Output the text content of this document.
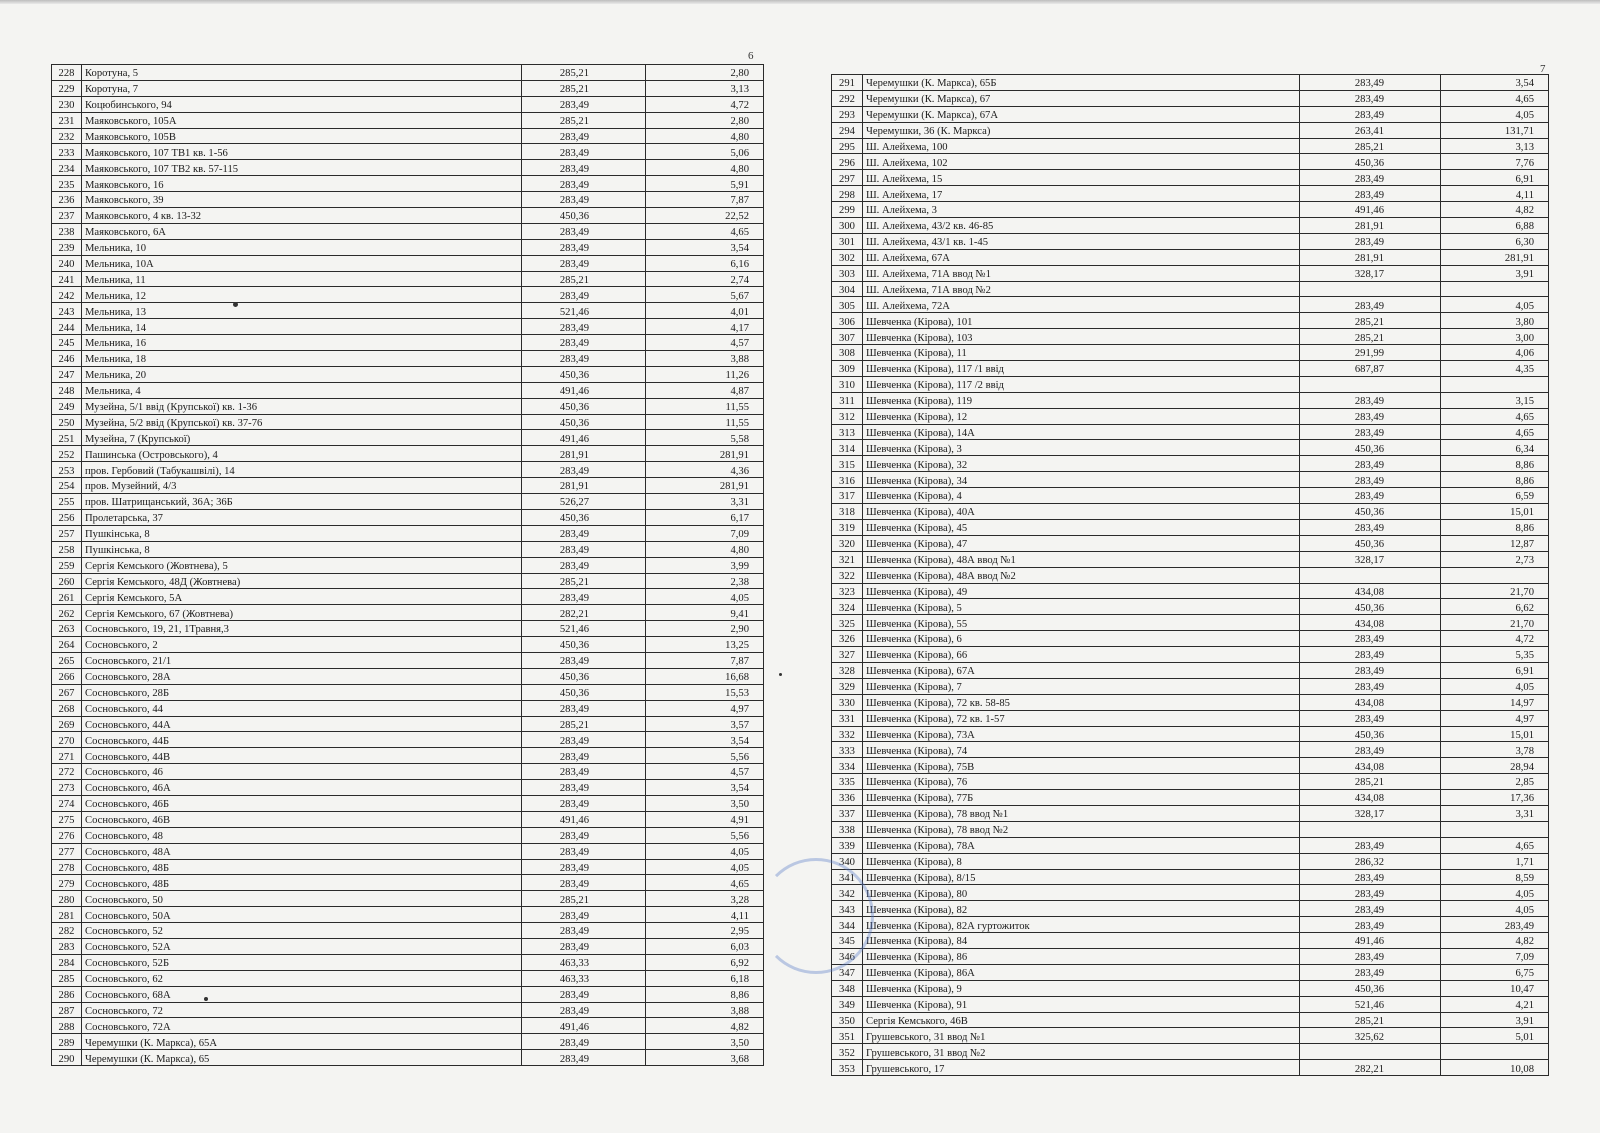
6
7
228	Коротуна, 5	285,21	2,80
229	Коротуна, 7	285,21	3,13
230	Коцюбинського, 94	283,49	4,72
231	Маяковського, 105А	285,21	2,80
232	Маяковського, 105В	283,49	4,80
233	Маяковського, 107 ТВ1 кв. 1-56	283,49	5,06
234	Маяковського, 107 ТВ2 кв. 57-115	283,49	4,80
235	Маяковського, 16	283,49	5,91
236	Маяковського, 39	283,49	7,87
237	Маяковського, 4 кв. 13-32	450,36	22,52
238	Маяковського, 6А	283,49	4,65
239	Мельника, 10	283,49	3,54
240	Мельника, 10А	283,49	6,16
241	Мельника, 11	285,21	2,74
242	Мельника, 12	283,49	5,67
243	Мельника, 13	521,46	4,01
244	Мельника, 14	283,49	4,17
245	Мельника, 16	283,49	4,57
246	Мельника, 18	283,49	3,88
247	Мельника, 20	450,36	11,26
248	Мельника, 4	491,46	4,87
249	Музейна, 5/1 ввід (Крупської) кв. 1-36	450,36	11,55
250	Музейна, 5/2 ввід (Крупської) кв. 37-76	450,36	11,55
251	Музейна, 7 (Крупської)	491,46	5,58
252	Пашинська (Островського), 4	281,91	281,91
253	пров. Гербовий (Табукашвілі), 14	283,49	4,36
254	пров. Музейний, 4/3	281,91	281,91
255	пров. Шатрищанський, 36А; 36Б	526,27	3,31
256	Пролетарська, 37	450,36	6,17
257	Пушкінська, 8	283,49	7,09
258	Пушкінська, 8	283,49	4,80
259	Сергія Кемського (Жовтнева), 5	283,49	3,99
260	Сергія Кемського, 48Д (Жовтнева)	285,21	2,38
261	Сергія Кемського, 5А	283,49	4,05
262	Сергія Кемського, 67 (Жовтнева)	282,21	9,41
263	Сосновського, 19, 21, 1Травня,3	521,46	2,90
264	Сосновського, 2	450,36	13,25
265	Сосновського, 21/1	283,49	7,87
266	Сосновського, 28А	450,36	16,68
267	Сосновського, 28Б	450,36	15,53
268	Сосновського, 44	283,49	4,97
269	Сосновського, 44А	285,21	3,57
270	Сосновського, 44Б	283,49	3,54
271	Сосновського, 44В	283,49	5,56
272	Сосновського, 46	283,49	4,57
273	Сосновського, 46А	283,49	3,54
274	Сосновського, 46Б	283,49	3,50
275	Сосновського, 46В	491,46	4,91
276	Сосновського, 48	283,49	5,56
277	Сосновського, 48А	283,49	4,05
278	Сосновського, 48Б	283,49	4,05
279	Сосновського, 48Б	283,49	4,65
280	Сосновського, 50	285,21	3,28
281	Сосновського, 50А	283,49	4,11
282	Сосновського, 52	283,49	2,95
283	Сосновського, 52А	283,49	6,03
284	Сосновського, 52Б	463,33	6,92
285	Сосновського, 62	463,33	6,18
286	Сосновського, 68А	283,49	8,86
287	Сосновського, 72	283,49	3,88
288	Сосновського, 72А	491,46	4,82
289	Черемушки (К. Маркса), 65А	283,49	3,50
290	Черемушки (К. Маркса), 65	283,49	3,68
291	Черемушки (К. Маркса), 65Б	283,49	3,54
292	Черемушки (К. Маркса), 67	283,49	4,65
293	Черемушки (К. Маркса), 67А	283,49	4,05
294	Черемушки, 36 (К. Маркса)	263,41	131,71
295	Ш. Алейхема, 100	285,21	3,13
296	Ш. Алейхема, 102	450,36	7,76
297	Ш. Алейхема, 15	283,49	6,91
298	Ш. Алейхема, 17	283,49	4,11
299	Ш. Алейхема, 3	491,46	4,82
300	Ш. Алейхема, 43/2 кв. 46-85	281,91	6,88
301	Ш. Алейхема, 43/1 кв. 1-45	283,49	6,30
302	Ш. Алейхема, 67А	281,91	281,91
303	Ш. Алейхема, 71А ввод №1	328,17	3,91
304	Ш. Алейхема, 71А ввод №2		
305	Ш. Алейхема, 72А	283,49	4,05
306	Шевченка (Кірова), 101	285,21	3,80
307	Шевченка (Кірова), 103	285,21	3,00
308	Шевченка (Кірова), 11	291,99	4,06
309	Шевченка (Кірова), 117 /1 ввід	687,87	4,35
310	Шевченка (Кірова), 117 /2 ввід		
311	Шевченка (Кірова), 119	283,49	3,15
312	Шевченка (Кірова), 12	283,49	4,65
313	Шевченка (Кірова), 14А	283,49	4,65
314	Шевченка (Кірова), 3	450,36	6,34
315	Шевченка (Кірова), 32	283,49	8,86
316	Шевченка (Кірова), 34	283,49	8,86
317	Шевченка (Кірова), 4	283,49	6,59
318	Шевченка (Кірова), 40А	450,36	15,01
319	Шевченка (Кірова), 45	283,49	8,86
320	Шевченка (Кірова), 47	450,36	12,87
321	Шевченка (Кірова), 48А ввод №1	328,17	2,73
322	Шевченка (Кірова), 48А ввод №2		
323	Шевченка (Кірова), 49	434,08	21,70
324	Шевченка (Кірова), 5	450,36	6,62
325	Шевченка (Кірова), 55	434,08	21,70
326	Шевченка (Кірова), 6	283,49	4,72
327	Шевченка (Кірова), 66	283,49	5,35
328	Шевченка (Кірова), 67А	283,49	6,91
329	Шевченка (Кірова), 7	283,49	4,05
330	Шевченка (Кірова), 72 кв. 58-85	434,08	14,97
331	Шевченка (Кірова), 72 кв. 1-57	283,49	4,97
332	Шевченка (Кірова), 73А	450,36	15,01
333	Шевченка (Кірова), 74	283,49	3,78
334	Шевченка (Кірова), 75В	434,08	28,94
335	Шевченка (Кірова), 76	285,21	2,85
336	Шевченка (Кірова), 77Б	434,08	17,36
337	Шевченка (Кірова), 78 ввод №1	328,17	3,31
338	Шевченка (Кірова), 78 ввод №2		
339	Шевченка (Кірова), 78А	283,49	4,65
340	Шевченка (Кірова), 8	286,32	1,71
341	Шевченка (Кірова), 8/15	283,49	8,59
342	Шевченка (Кірова), 80	283,49	4,05
343	Шевченка (Кірова), 82	283,49	4,05
344	Шевченка (Кірова), 82А гуртожиток	283,49	283,49
345	Шевченка (Кірова), 84	491,46	4,82
346	Шевченка (Кірова), 86	283,49	7,09
347	Шевченка (Кірова), 86А	283,49	6,75
348	Шевченка (Кірова), 9	450,36	10,47
349	Шевченка (Кірова), 91	521,46	4,21
350	Сергія Кемського, 46В	285,21	3,91
351	Грушевського, 31 ввод №1	325,62	5,01
352	Грушевського, 31 ввод №2		
353	Грушевського, 17	282,21	10,08
